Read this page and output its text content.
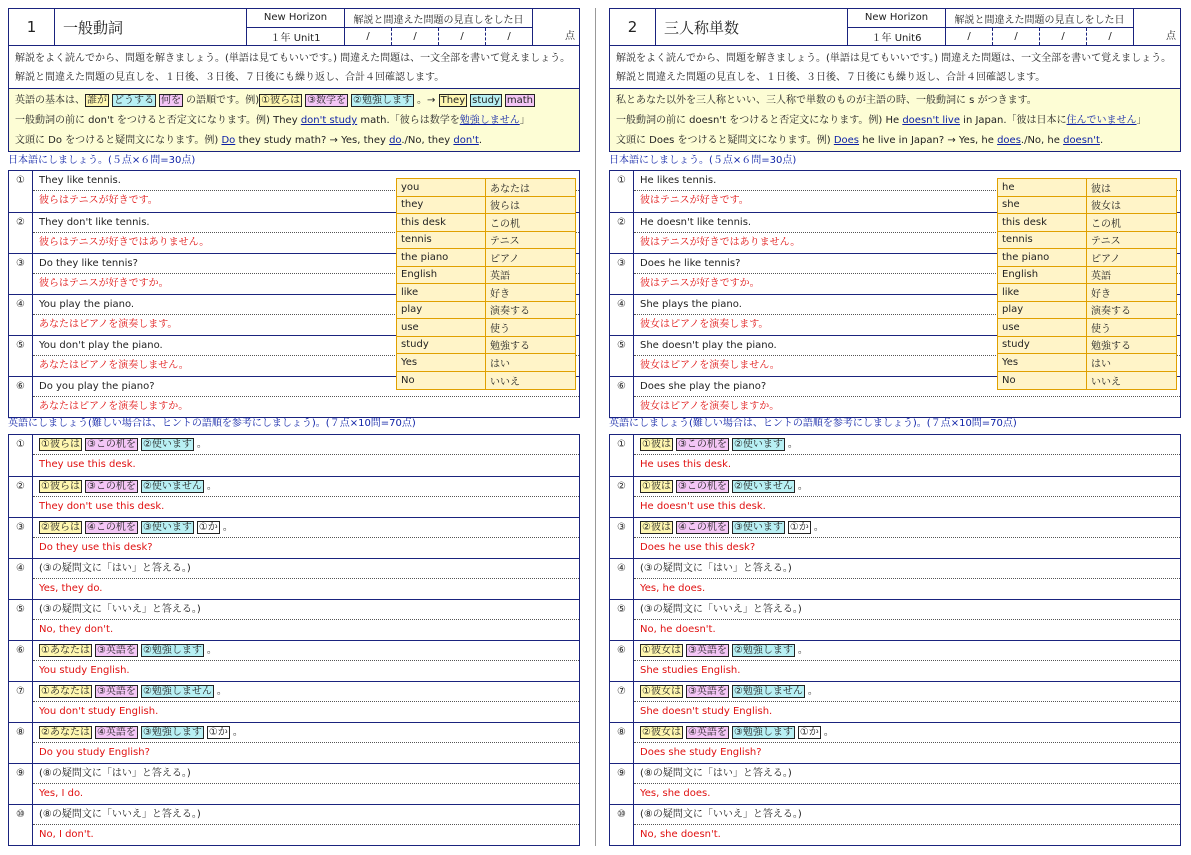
1	一般動詞
New Horizon
１年 Unit1
解説と間違えた問題の見直しをした日
/	/	/	/	点
解説をよく読んでから、問題を解きましょう。(単語は見てもいいです。) 間違えた問題は、一文全部を書いて覚えましょう。
解説と間違えた問題の見直しを、１日後、３日後、７日後にも繰り返し、合計４回確認します。
英語の基本は、 誰が どうする 何を の語順です。例) ①彼らは ③数学を ②勉強します 。→ They study math
一般動詞の前に don't をつけると否定文になります。例) They don't study math.「彼らは数学を勉強しません」
文頭に Do をつけると疑問文になります。例) Do they study math? → Yes, they do./No, they don't.
日本語にしましょう。(５点×６問=30点)
①	They like tennis.
彼らはテニスが好きです。
②	They don't like tennis.
彼らはテニスが好きではありません。
③	Do they like tennis?
彼らはテニスが好きですか。
④	You play the piano.
あなたはピアノを演奏します。
⑤	You don't play the piano.
あなたはピアノを演奏しません。
⑥	Do you play the piano?
あなたはピアノを演奏しますか。
you	あなたは
they	彼らは
this desk	この机
tennis	テニス
the piano	ピアノ
English	英語
like	好き
play	演奏する
use	使う
study	勉強する
Yes	はい
No	いいえ
英語にしましょう(難しい場合は、ヒントの語順を参考にしましょう)。(７点×10問=70点)
①	①彼らは ③この机を ②使います 。
They use this desk.
②	①彼らは ③この机を ②使いません 。
They don't use this desk.
③	②彼らは ④この机を ③使います ①か 。
Do they use this desk?
④	(③の疑問文に「はい」と答える。)
Yes, they do.
⑤	(③の疑問文に「いいえ」と答える。)
No, they don't.
⑥	①あなたは ③英語を ②勉強します 。
You study English.
⑦	①あなたは ③英語を ②勉強しません 。
You don't study English.
⑧	②あなたは ④英語を ③勉強します ①か 。
Do you study English?
⑨	(⑧の疑問文に「はい」と答える。)
Yes, I do.
⑩	(⑧の疑問文に「いいえ」と答える。)
No, I don't.
2	三人称単数
New Horizon
１年 Unit6
解説と間違えた問題の見直しをした日
/	/	/	/	点
解説をよく読んでから、問題を解きましょう。(単語は見てもいいです。) 間違えた問題は、一文全部を書いて覚えましょう。
解説と間違えた問題の見直しを、１日後、３日後、７日後にも繰り返し、合計４回確認します。
私とあなた以外を三人称といい、三人称で単数のものが主語の時、一般動詞に s がつきます。
一般動詞の前に doesn't をつけると否定文になります。例) He doesn't live in Japan.「彼は日本に住んでいません」
文頭に Does をつけると疑問文になります。例) Does he live in Japan? → Yes, he does./No, he doesn't.
日本語にしましょう。(５点×６問=30点)
①	He likes tennis.
彼はテニスが好きです。
②	He doesn't like tennis.
彼はテニスが好きではありません。
③	Does he like tennis?
彼はテニスが好きですか。
④	She plays the piano.
彼女はピアノを演奏します。
⑤	She doesn't play the piano.
彼女はピアノを演奏しません。
⑥	Does she play the piano?
彼女はピアノを演奏しますか。
he	彼は
she	彼女は
this desk	この机
tennis	テニス
the piano	ピアノ
English	英語
like	好き
play	演奏する
use	使う
study	勉強する
Yes	はい
No	いいえ
英語にしましょう(難しい場合は、ヒントの語順を参考にしましょう)。(７点×10問=70点)
①	①彼は ③この机を ②使います 。
He uses this desk.
②	①彼は ③この机を ②使いません 。
He doesn't use this desk.
③	②彼は ④この机を ③使います ①か 。
Does he use this desk?
④	(③の疑問文に「はい」と答える。)
Yes, he does.
⑤	(③の疑問文に「いいえ」と答える。)
No, he doesn't.
⑥	①彼女は ③英語を ②勉強します 。
She studies English.
⑦	①彼女は ③英語を ②勉強しません 。
She doesn't study English.
⑧	②彼女は ④英語を ③勉強します ①か 。
Does she study English?
⑨	(⑧の疑問文に「はい」と答える。)
Yes, she does.
⑩	(⑧の疑問文に「いいえ」と答える。)
No, she doesn't.
